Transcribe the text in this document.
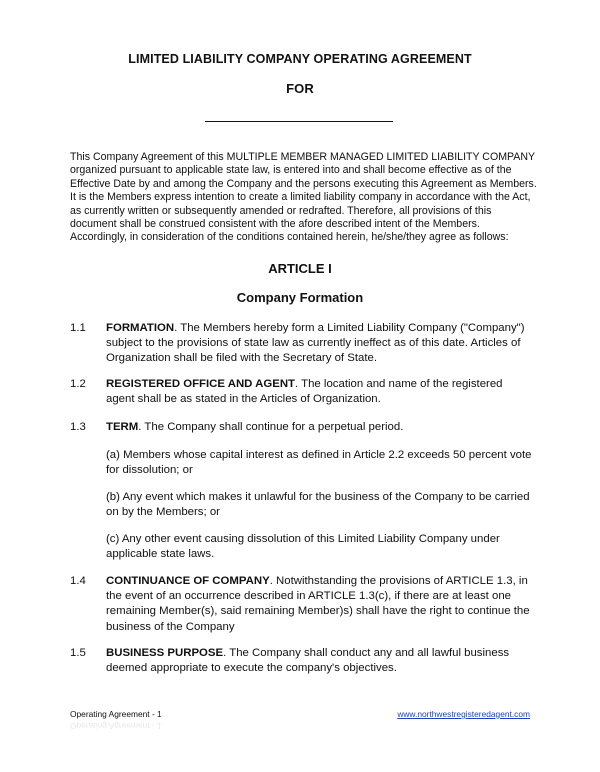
LIMITED LIABILITY COMPANY OPERATING AGREEMENT
FOR
This Company Agreement of this MULTIPLE MEMBER MANAGED LIMITED LIABILITY COMPANY organized pursuant to applicable state law, is entered into and shall become effective as of the Effective Date by and among the Company and the persons executing this Agreement as Members. It is the Members express intention to create a limited liability company in accordance with the Act, as currently written or subsequently amended or redrafted. Therefore, all provisions of this document shall be construed consistent with the afore described intent of the Members. Accordingly, in consideration of the conditions contained herein, he/she/they agree as follows:
ARTICLE I
Company Formation
1.1 FORMATION. The Members hereby form a Limited Liability Company ("Company") subject to the provisions of state law as currently ineffect as of this date. Articles of Organization shall be filed with the Secretary of State.
1.2 REGISTERED OFFICE AND AGENT. The location and name of the registered agent shall be as stated in the Articles of Organization.
1.3 TERM. The Company shall continue for a perpetual period.
(a) Members whose capital interest as defined in Article 2.2 exceeds 50 percent vote for dissolution; or
(b) Any event which makes it unlawful for the business of the Company to be carried on by the Members; or
(c) Any other event causing dissolution of this Limited Liability Company under applicable state laws.
1.4 CONTINUANCE OF COMPANY. Notwithstanding the provisions of ARTICLE 1.3, in the event of an occurrence described in ARTICLE 1.3(c), if there are at least one remaining Member(s), said remaining Member)s) shall have the right to continue the business of the Company
1.5 BUSINESS PURPOSE. The Company shall conduct any and all lawful business deemed appropriate to execute the company's objectives.
Operating Agreement - 1	www.northwestregisteredagent.com
Operating Agreement - 1
